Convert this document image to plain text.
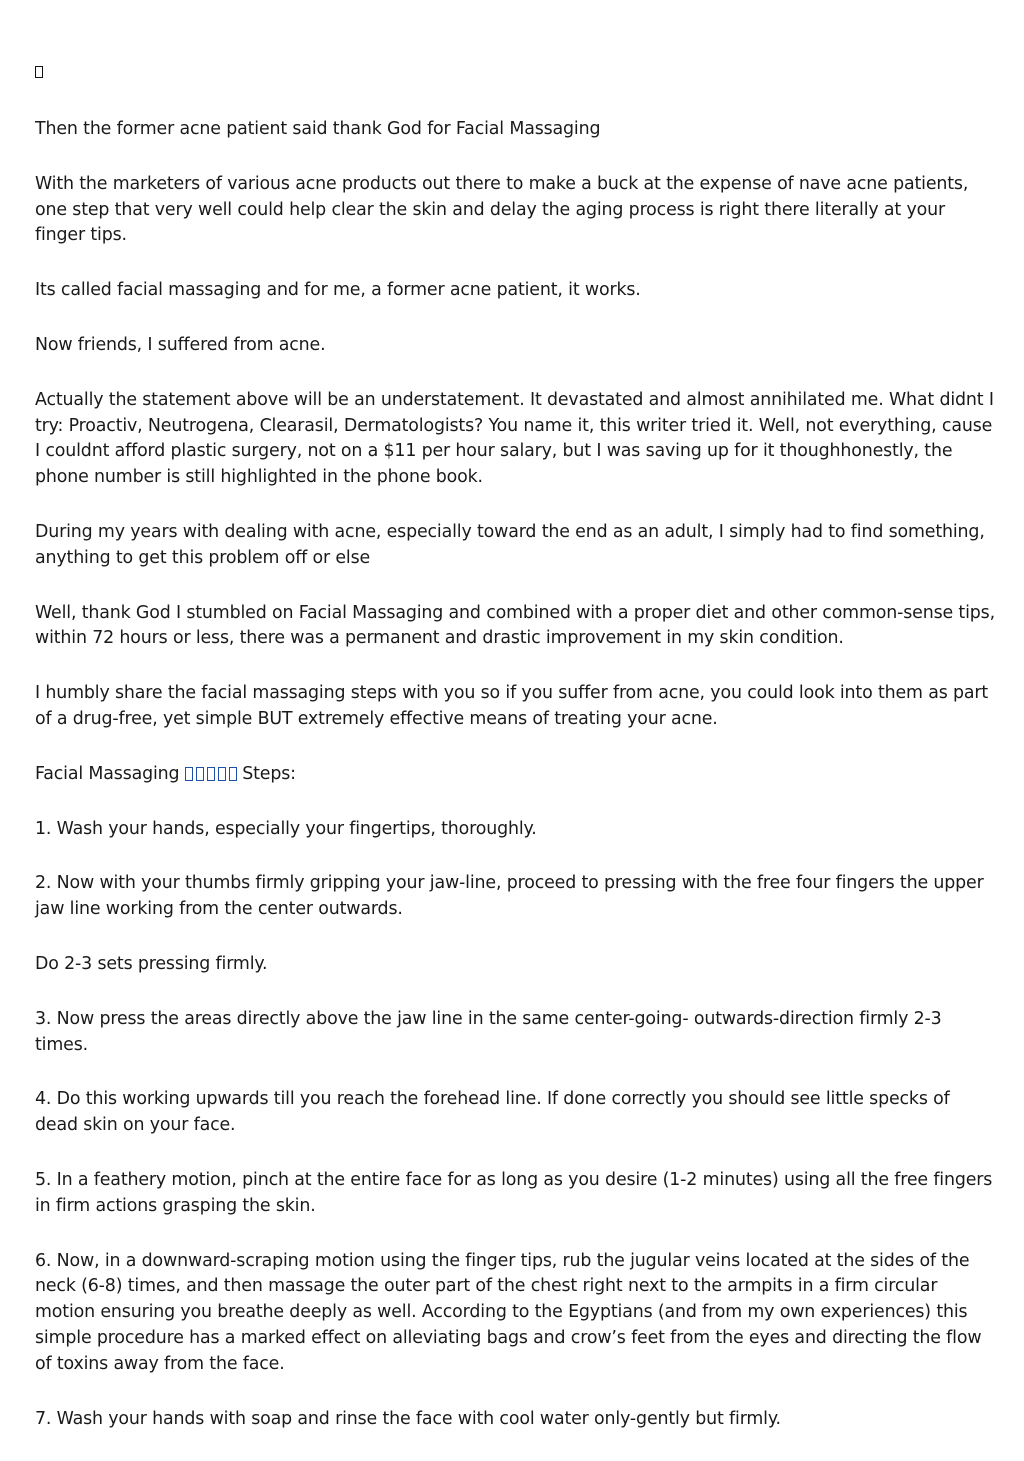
Then the former acne patient said thank God for Facial Massaging

With the marketers of various acne products out there to make a buck at the expense of nave acne patients, one step that very well could help clear the skin and delay the aging process is right there literally at your finger tips.

Its called facial massaging and for me, a former acne patient, it works.

Now friends, I suffered from acne.

Actually the statement above will be an understatement. It devastated and almost annihilated me. What didnt I try: Proactiv, Neutrogena, Clearasil, Dermatologists? You name it, this writer tried it. Well, not everything, cause I couldnt afford plastic surgery, not on a $11 per hour salary, but I was saving up for it thoughhonestly, the phone number is still highlighted in the phone book.

During my years with dealing with acne, especially toward the end as an adult, I simply had to find something, anything to get this problem off or else

Well, thank God I stumbled on Facial Massaging and combined with a proper diet and other common-sense tips, within 72 hours or less, there was a permanent and drastic improvement in my skin condition.

I humbly share the facial massaging steps with you so if you suffer from acne, you could look into them as part of a drug-free, yet simple BUT extremely effective means of treating your acne.

Facial Massaging	Steps:

1. Wash your hands, especially your fingertips, thoroughly.

2. Now with your thumbs firmly gripping your jaw-line, proceed to pressing with the free four fingers the upper jaw line working from the center outwards.

Do 2-3 sets pressing firmly.

3. Now press the areas directly above the jaw line in the same center-going- outwards-direction firmly 2-3 times.

4. Do this working upwards till you reach the forehead line. If done correctly you should see little specks of dead skin on your face.

5. In a feathery motion, pinch at the entire face for as long as you desire (1-2 minutes) using all the free fingers in firm actions grasping the skin.

6. Now, in a downward-scraping motion using the finger tips, rub the jugular veins located at the sides of the neck (6-8) times, and then massage the outer part of the chest right next to the armpits in a firm circular motion ensuring you breathe deeply as well. According to the Egyptians (and from my own experiences) this simple procedure has a marked effect on alleviating bags and crow’s feet from the eyes and directing the flow of toxins away from the face.

7. Wash your hands with soap and rinse the face with cool water only-gently but firmly.
